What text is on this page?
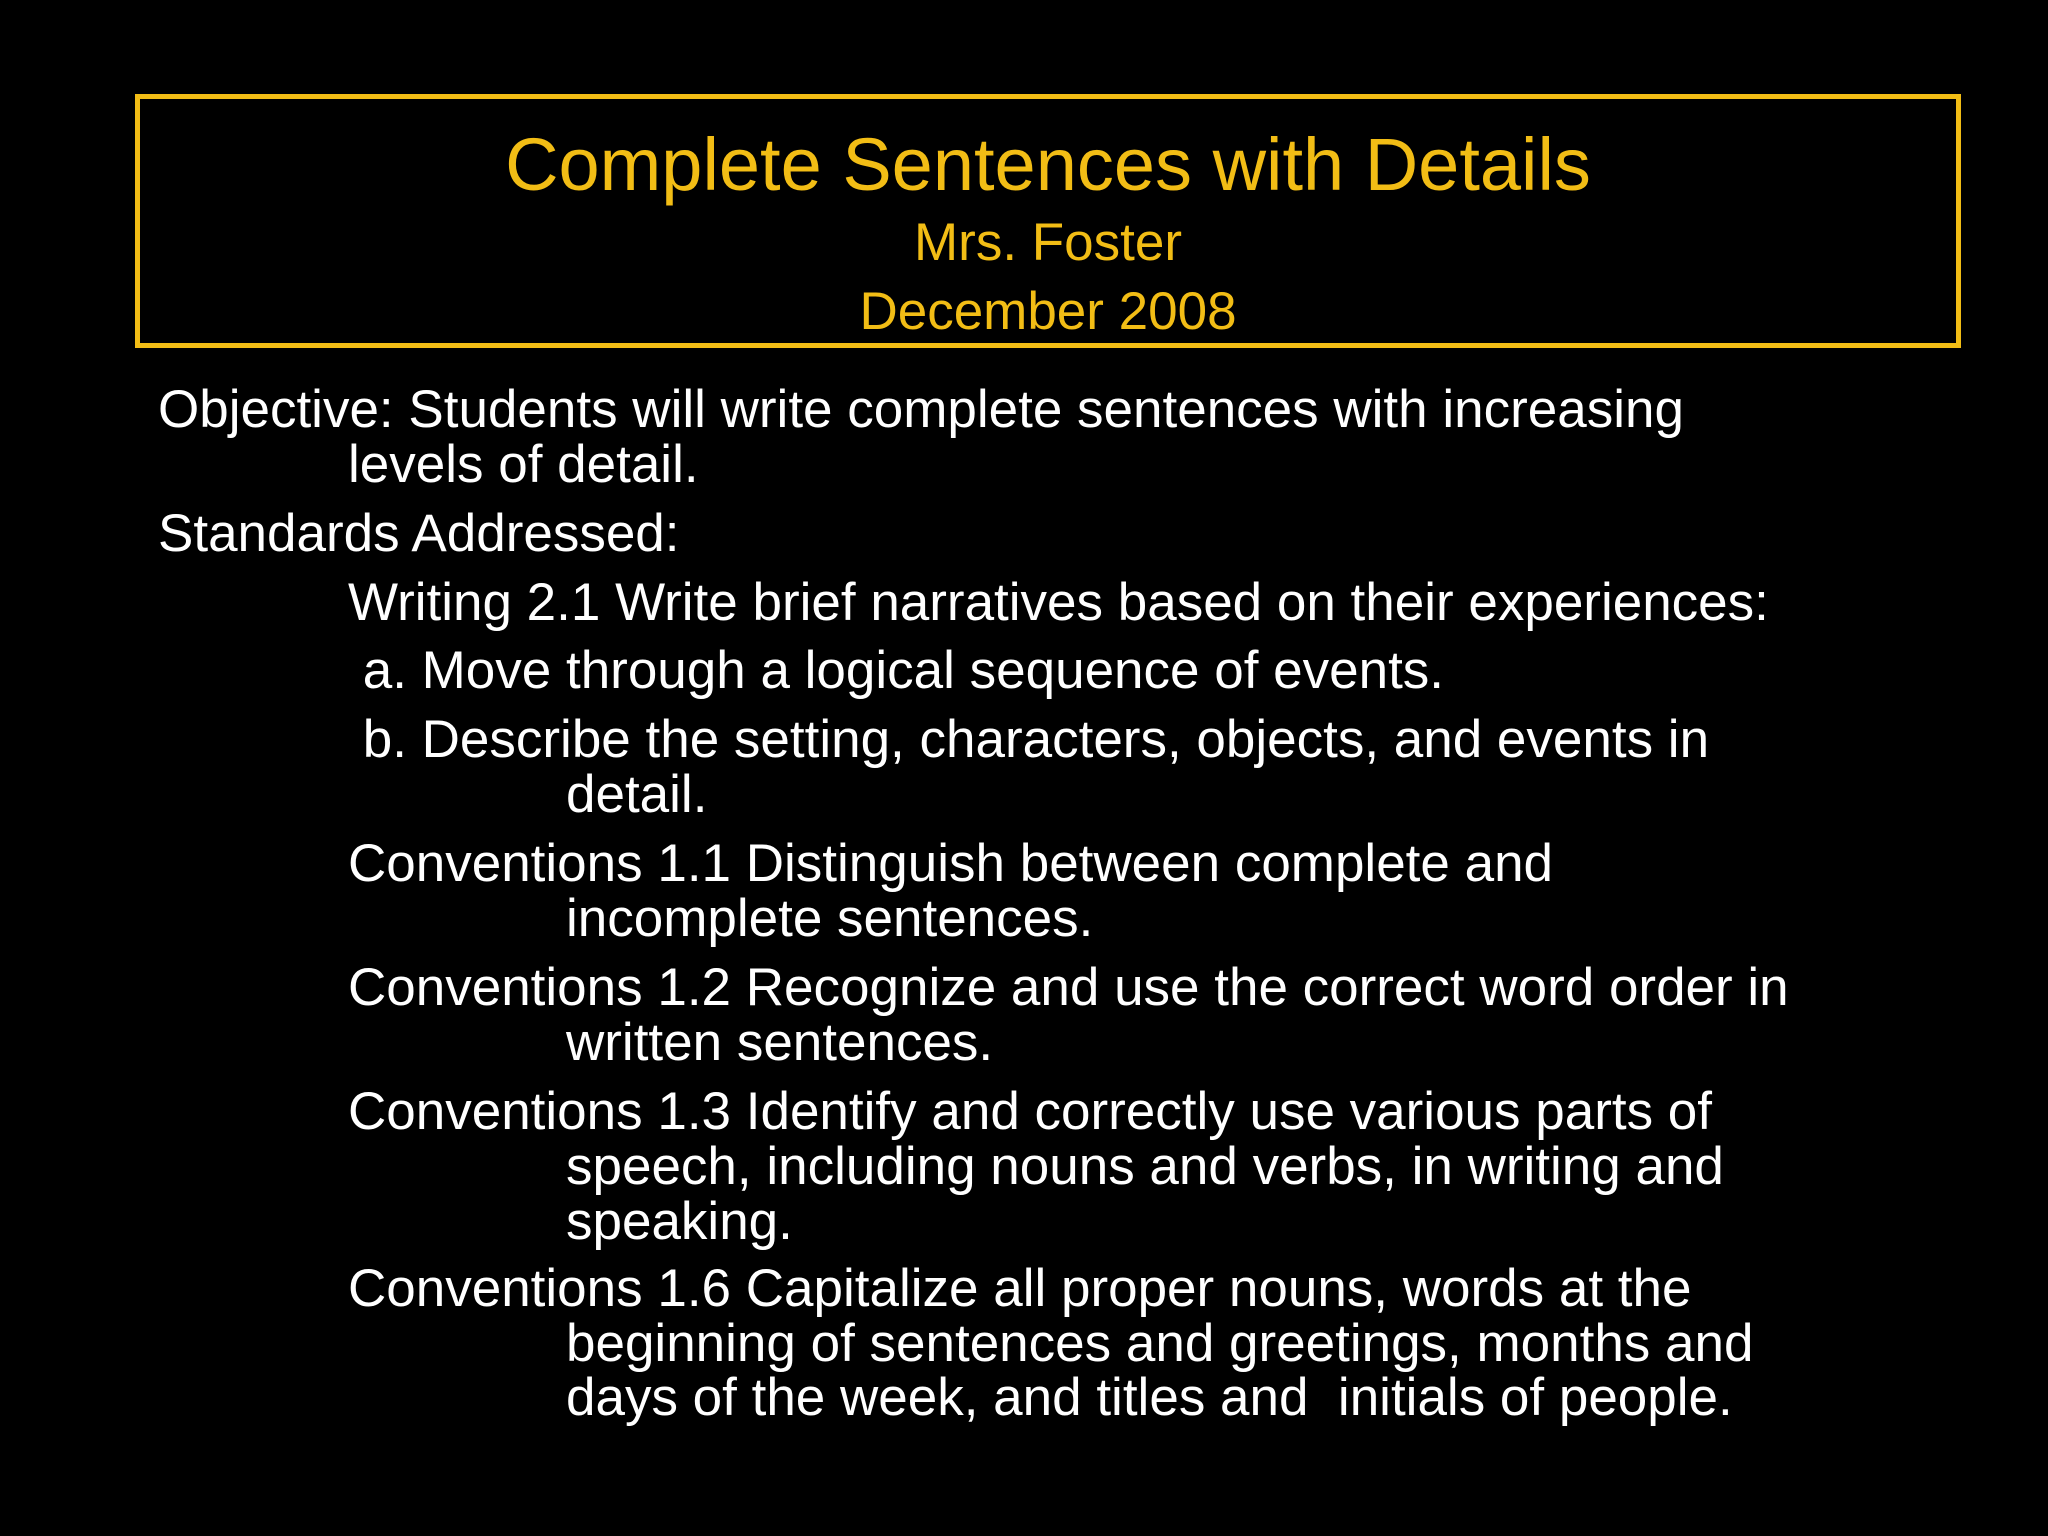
Complete Sentences with Details
Mrs. Foster
December 2008
Objective: Students will write complete sentences with increasing
levels of detail.
Standards Addressed:
Writing 2.1 Write brief narratives based on their experiences:
a. Move through a logical sequence of events.
b. Describe the setting, characters, objects, and events in
detail.
Conventions 1.1 Distinguish between complete and
incomplete sentences.
Conventions 1.2 Recognize and use the correct word order in
written sentences.
Conventions 1.3 Identify and correctly use various parts of
speech, including nouns and verbs, in writing and
speaking.
Conventions 1.6 Capitalize all proper nouns, words at the
beginning of sentences and greetings, months and
days of the week, and titles and  initials of people.
